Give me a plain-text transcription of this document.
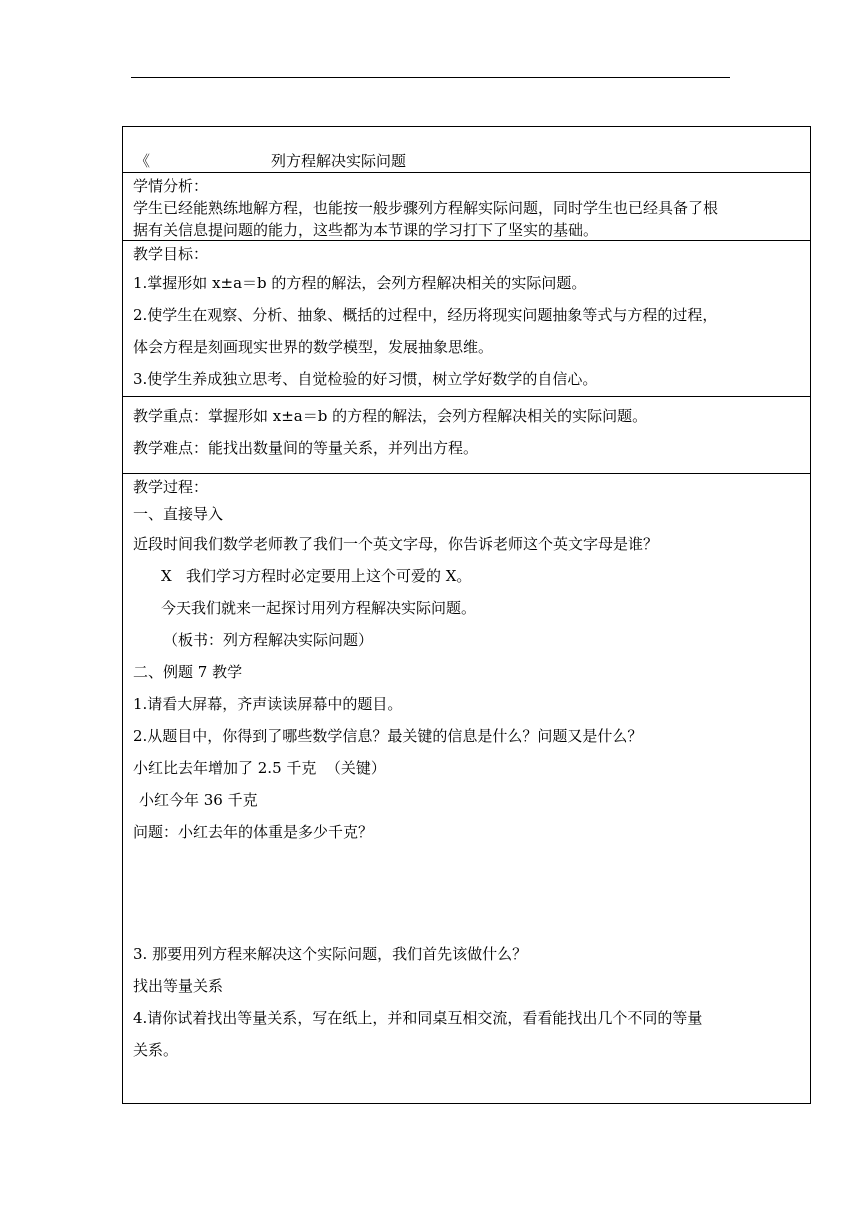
《	列方程解决实际问题
学情分析：
学生已经能熟练地解方程，也能按一般步骤列方程解实际问题，同时学生也已经具备了根
据有关信息提问题的能力，这些都为本节课的学习打下了坚实的基础。
教学目标：
1.掌握形如 x±a＝b 的方程的解法，会列方程解决相关的实际问题。
2.使学生在观察、分析、抽象、概括的过程中，经历将现实问题抽象等式与方程的过程，
体会方程是刻画现实世界的数学模型，发展抽象思维。
3.使学生养成独立思考、自觉检验的好习惯，树立学好数学的自信心。
教学重点：掌握形如 x±a＝b 的方程的解法，会列方程解决相关的实际问题。
教学难点：能找出数量间的等量关系，并列出方程。
教学过程：
一、直接导入
近段时间我们数学老师教了我们一个英文字母，你告诉老师这个英文字母是谁？
X   我们学习方程时必定要用上这个可爱的 X。
今天我们就来一起探讨用列方程解决实际问题。
（板书：列方程解决实际问题）
二、例题 7 教学
1.请看大屏幕，齐声读读屏幕中的题目。
2.从题目中，你得到了哪些数学信息？最关键的信息是什么？问题又是什么？
小红比去年增加了 2.5 千克  （关键）
小红今年 36 千克
问题：小红去年的体重是多少千克？
3. 那要用列方程来解决这个实际问题，我们首先该做什么？
找出等量关系
4.请你试着找出等量关系，写在纸上，并和同桌互相交流，看看能找出几个不同的等量
关系。
